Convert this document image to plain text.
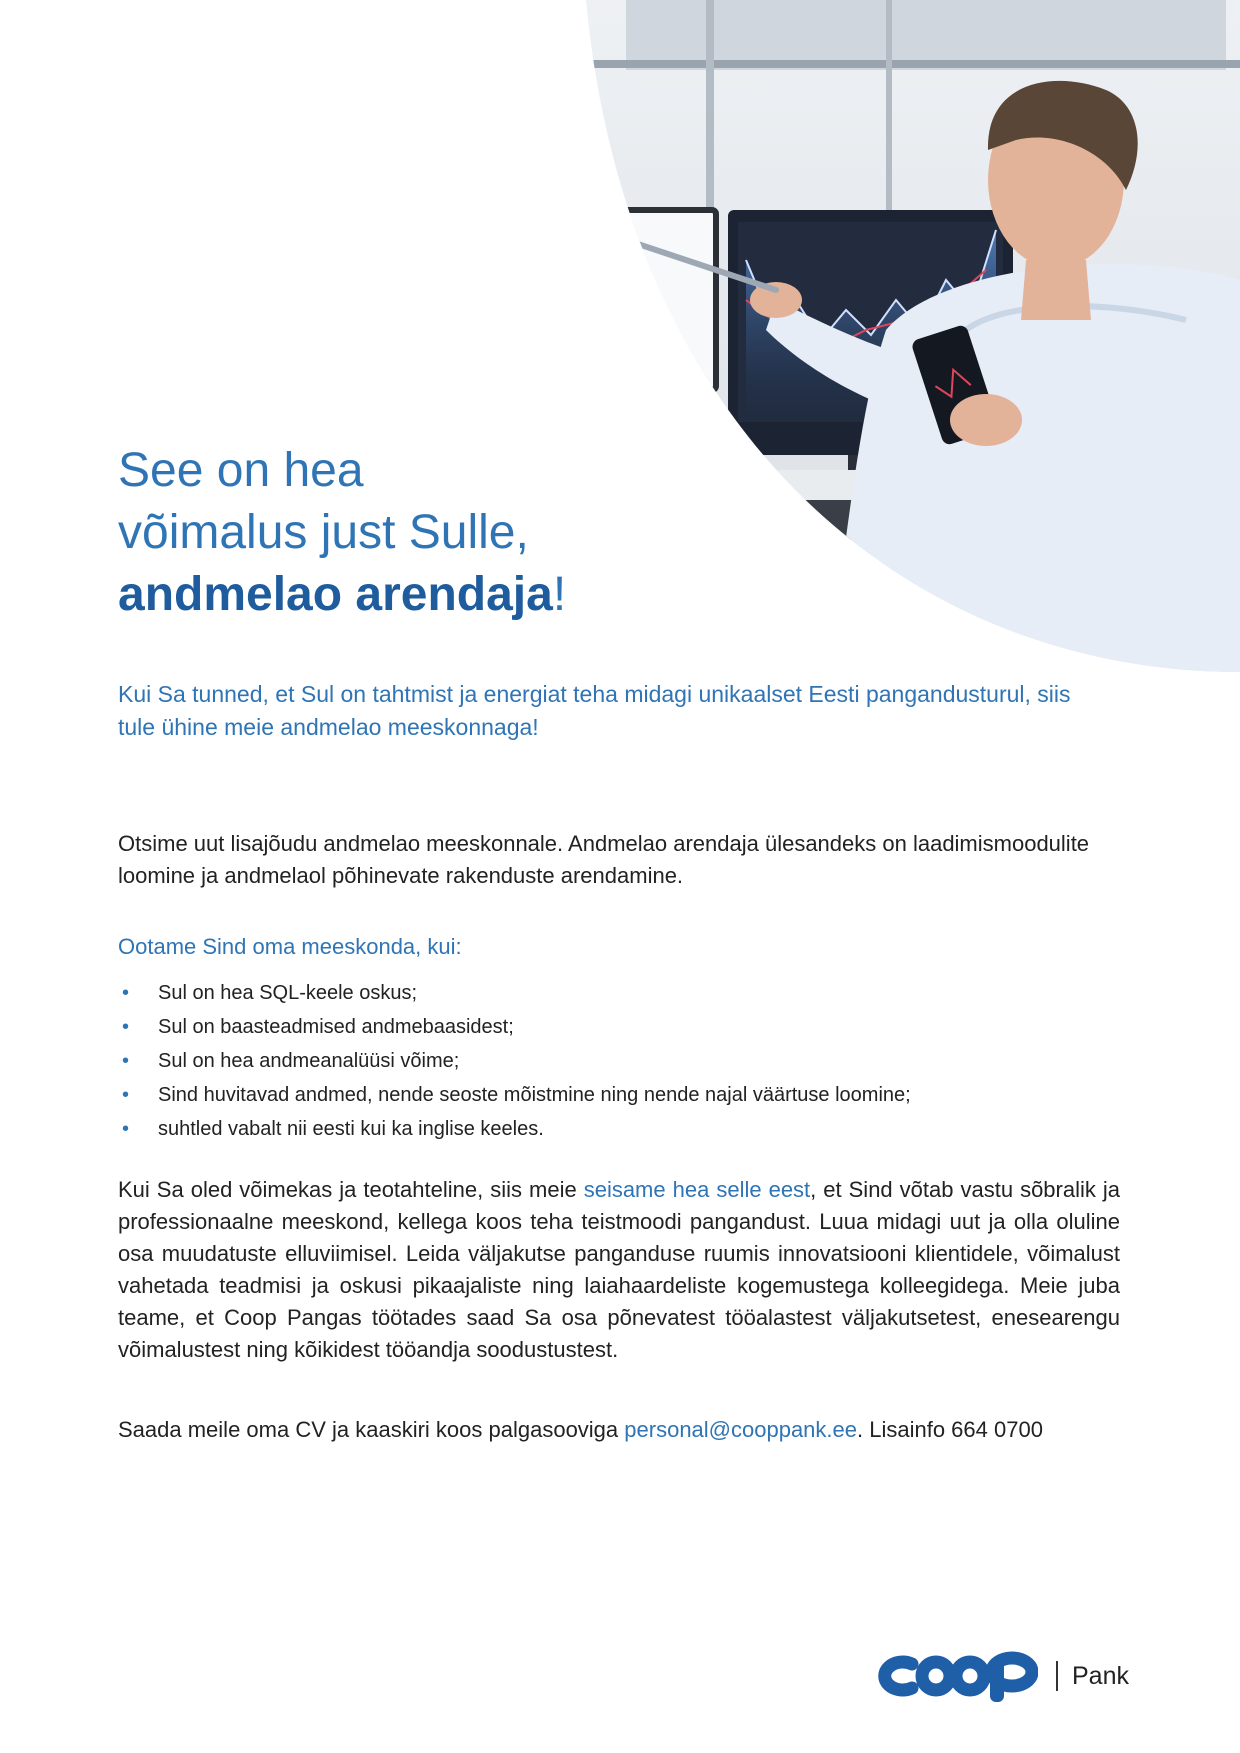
See on hea
võimalus just Sulle,
andmelao arendaja!

Kui Sa tunned, et Sul on tahtmist ja energiat teha midagi unikaalset Eesti pangandusturul, siis tule ühine meie andmelao meeskonnaga!

Otsime uut lisajõudu andmelao meeskonnale. Andmelao arendaja ülesandeks on laadimismoodulite loomine ja andmelaol põhinevate rakenduste arendamine.

Ootame Sind oma meeskonda, kui:
• Sul on hea SQL-keele oskus;
• Sul on baasteadmised andmebaasidest;
• Sul on hea andmeanalüüsi võime;
• Sind huvitavad andmed, nende seoste mõistmine ning nende najal väärtuse loomine;
• suhtled vabalt nii eesti kui ka inglise keeles.

Kui Sa oled võimekas ja teotahteline, siis meie seisame hea selle eest, et Sind võtab vastu sõbralik ja professionaalne meeskond, kellega koos teha teistmoodi pangandust. Luua midagi uut ja olla oluline osa muudatuste elluviimisel. Leida väljakutse panganduse ruumis innovatsiooni klientidele, võimalust vahetada teadmisi ja oskusi pikaajaliste ning laiahaardeliste kogemustega kolleegidega. Meie juba teame, et Coop Pangas töötades saad Sa osa põnevatest tööalastest väljakutsetest, enesearengu võimalustest ning kõikidest tööandja soodustustest.

Saada meile oma CV ja kaaskiri koos palgasooviga personal@cooppank.ee. Lisainfo 664 0700

Pank
